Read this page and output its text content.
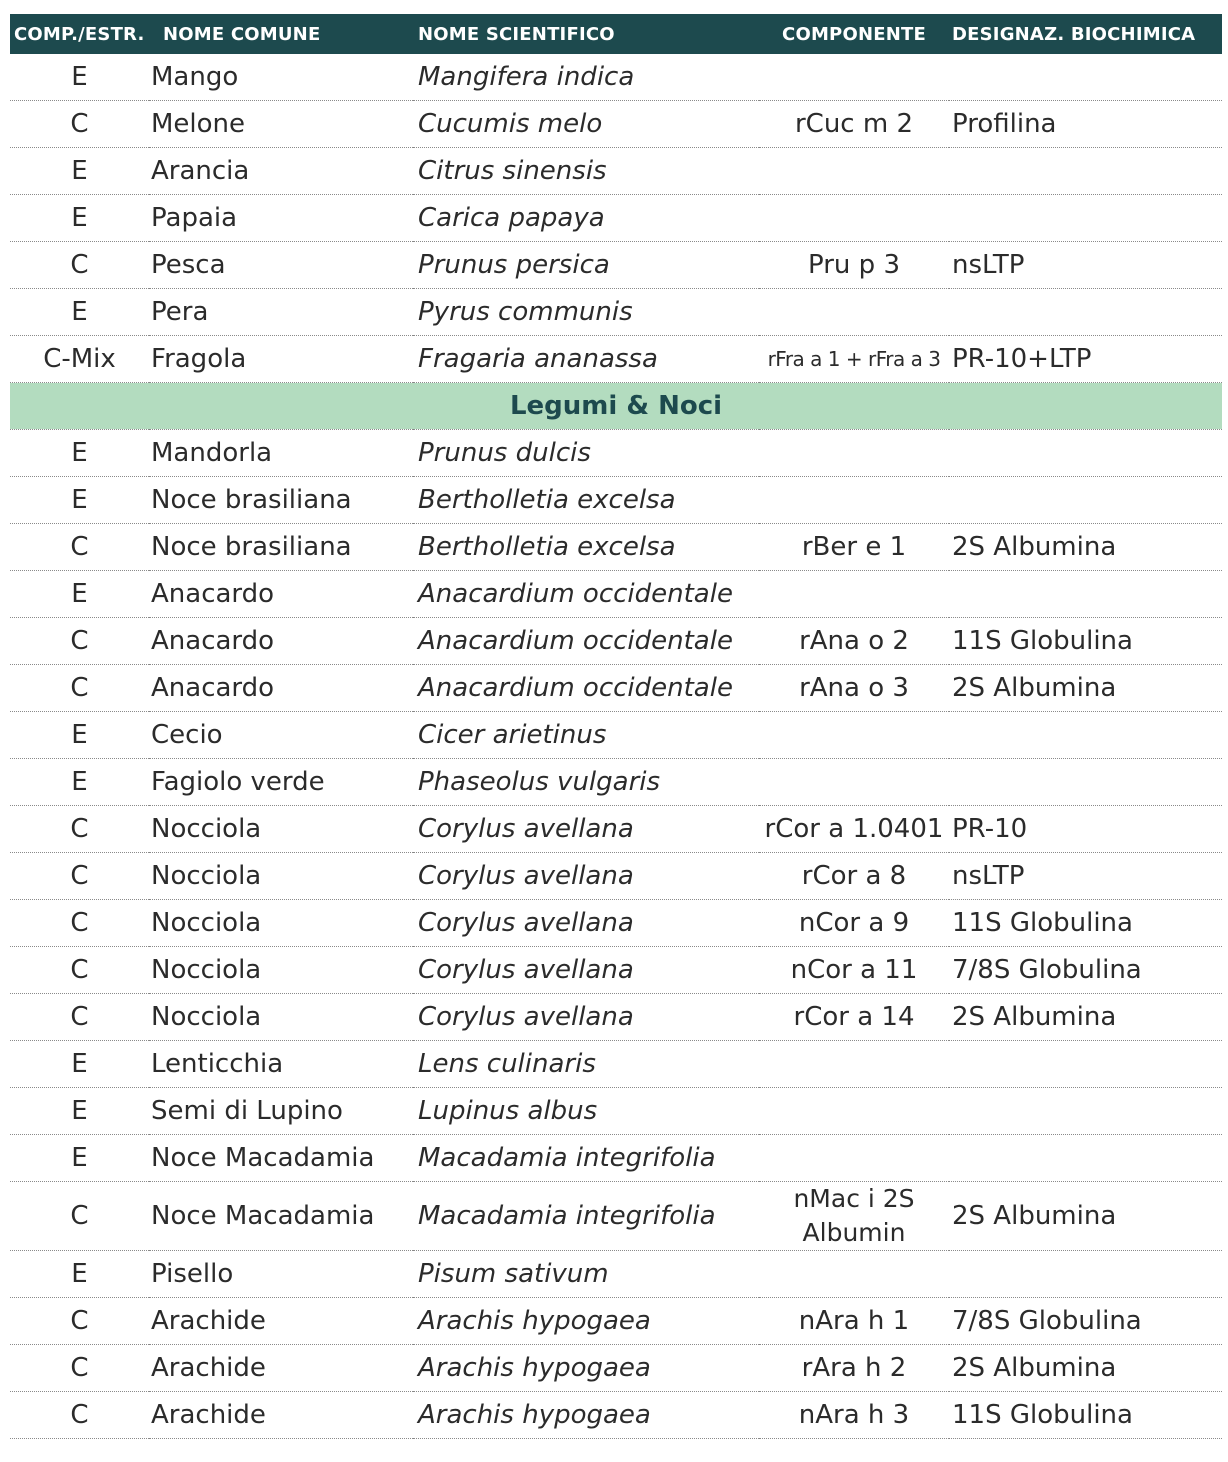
COMP./ESTR.	NOME COMUNE	NOME SCIENTIFICO	COMPONENTE	DESIGNAZ. BIOCHIMICA
E	Mango	Mangifera indica		
C	Melone	Cucumis melo	rCuc m 2	Profilina
E	Arancia	Citrus sinensis		
E	Papaia	Carica papaya		
C	Pesca	Prunus persica	Pru p 3	nsLTP
E	Pera	Pyrus communis		
C-Mix	Fragola	Fragaria ananassa	rFra a 1 + rFra a 3	PR-10+LTP
Legumi & Noci				
E	Mandorla	Prunus dulcis		
E	Noce brasiliana	Bertholletia excelsa		
C	Noce brasiliana	Bertholletia excelsa	rBer e 1	2S Albumina
E	Anacardo	Anacardium occidentale		
C	Anacardo	Anacardium occidentale	rAna o 2	11S Globulina
C	Anacardo	Anacardium occidentale	rAna o 3	2S Albumina
E	Cecio	Cicer arietinus		
E	Fagiolo verde	Phaseolus vulgaris		
C	Nocciola	Corylus avellana	rCor a 1.0401	PR-10
C	Nocciola	Corylus avellana	rCor a 8	nsLTP
C	Nocciola	Corylus avellana	nCor a 9	11S Globulina
C	Nocciola	Corylus avellana	nCor a 11	7/8S Globulina
C	Nocciola	Corylus avellana	rCor a 14	2S Albumina
E	Lenticchia	Lens culinaris		
E	Semi di Lupino	Lupinus albus		
E	Noce Macadamia	Macadamia integrifolia		
C	Noce Macadamia	Macadamia integrifolia	nMac i 2S Albumin	2S Albumina
E	Pisello	Pisum sativum		
C	Arachide	Arachis hypogaea	nAra h 1	7/8S Globulina
C	Arachide	Arachis hypogaea	rAra h 2	2S Albumina
C	Arachide	Arachis hypogaea	nAra h 3	11S Globulina
